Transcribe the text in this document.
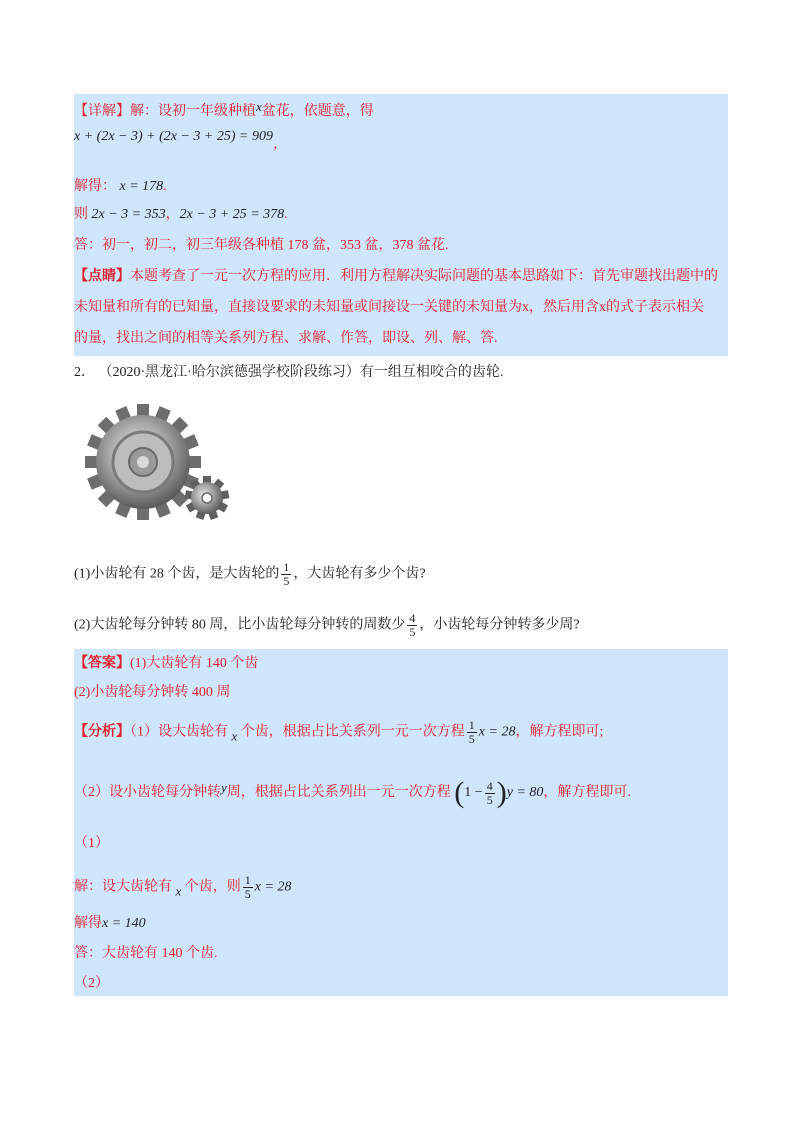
【详解】解：设初一年级种植x盆花，依题意，得
x + (2x − 3) + (2x − 3 + 25) = 909，
解得： x = 178.
则 2x − 3 = 353，2x − 3 + 25 = 378.
答：初一，初二，初三年级各种植 178 盆，353 盆，378 盆花.
【点睛】本题考查了一元一次方程的应用．利用方程解决实际问题的基本思路如下：首先审题找出题中的
未知量和所有的已知量，直接设要求的未知量或间接设一关键的未知量为x，然后用含x的式子表示相关
的量，找出之间的相等关系列方程、求解、作答，即设、列、解、答.
2． （2020·黑龙江·哈尔滨德强学校阶段练习）有一组互相咬合的齿轮.
(1)小齿轮有 28 个齿，是大齿轮的 $\frac{1}{5}$ ，大齿轮有多少个齿?
(2)大齿轮每分钟转 80 周，比小齿轮每分钟转的周数少 $\frac{4}{5}$ ，小齿轮每分钟转多少周?
【答案】(1)大齿轮有 140 个齿
(2)小齿轮每分钟转 400 周
【分析】（1）设大齿轮有 x 个齿，根据占比关系列一元一次方程 $\frac{1}{5}$ x = 28，解方程即可;
（2）设小齿轮每分钟转y周，根据占比关系列出一元一次方程 $(1 - \frac{4}{5} )y = 80$，解方程即可.
（1）
解：设大齿轮有 x 个齿，则 $\frac{1}{5}$ x = 28
解得x = 140
答：大齿轮有 140 个齿.
（2）
